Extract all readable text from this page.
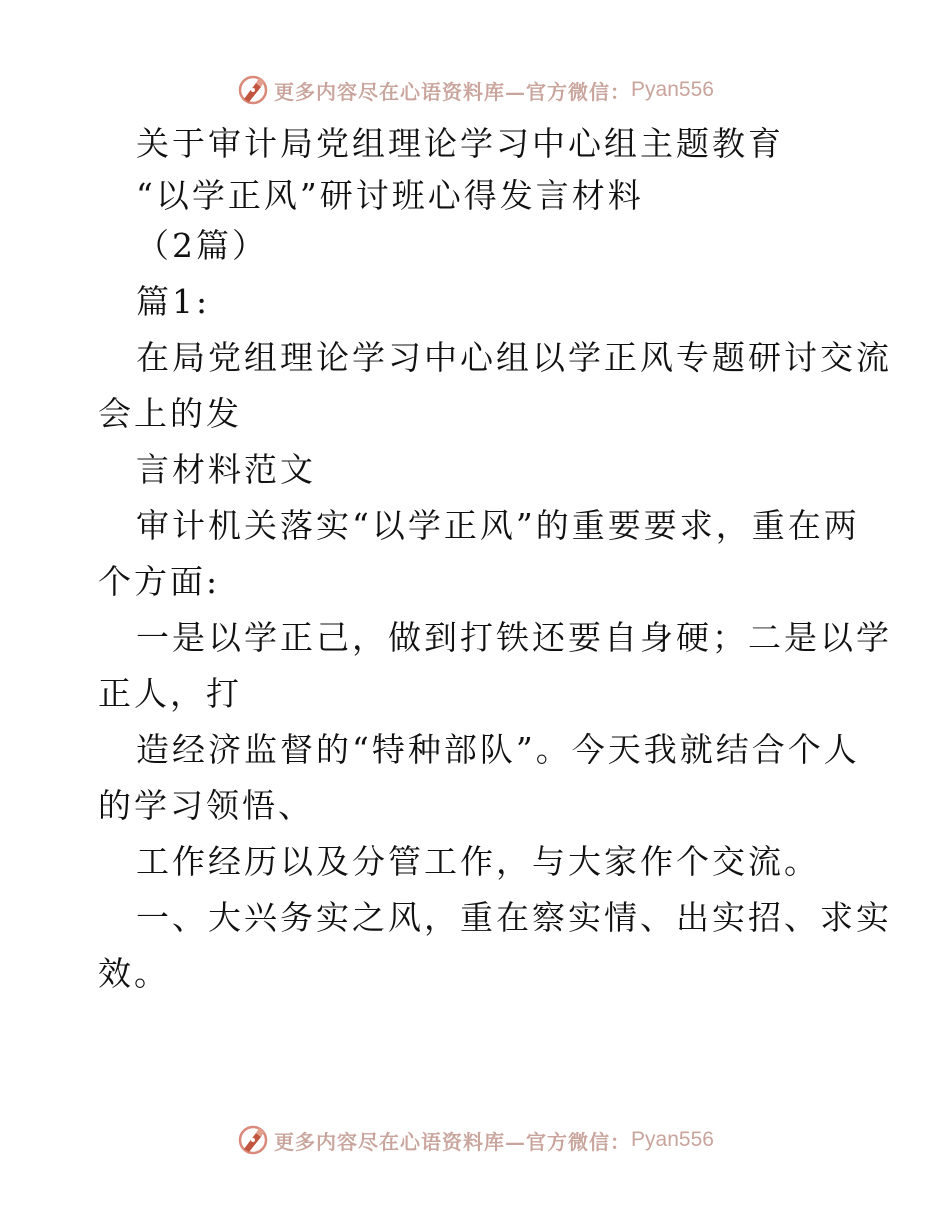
更多内容尽在心语资料库—官方微信： Pyan556

关于审计局党组理论学习中心组主题教育

“以学正风”研讨班心得发言材料

（2篇）

篇1:

在局党组理论学习中心组以学正风专题研讨交流

会上的发

言材料范文

审计机关落实“以学正风”的重要要求，重在两

个方面:

一是以学正己，做到打铁还要自身硬；二是以学

正人，打

造经济监督的“特种部队”。今天我就结合个人

的学习领悟、

工作经历以及分管工作，与大家作个交流。

一、大兴务实之风，重在察实情、出实招、求实

效。

更多内容尽在心语资料库—官方微信： Pyan556
